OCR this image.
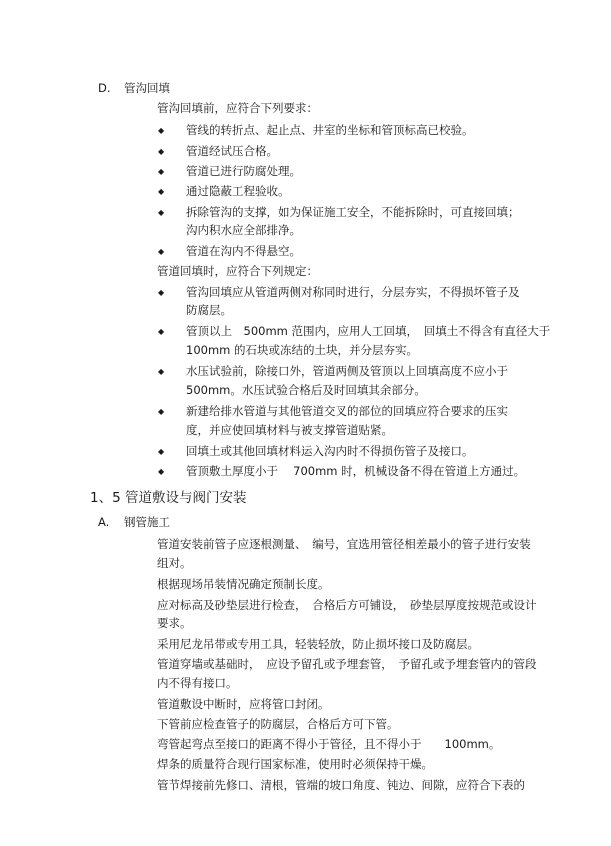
D. 管沟回填
管沟回填前，应符合下列要求：
◆ 管线的转折点、起止点、井室的坐标和管顶标高已校验。
◆ 管道经试压合格。
◆ 管道已进行防腐处理。
◆ 通过隐蔽工程验收。
◆ 拆除管沟的支撑，如为保证施工安全，不能拆除时，可直接回填；
沟内积水应全部排净。
◆ 管道在沟内不得悬空。
管道回填时，应符合下列规定：
◆ 管沟回填应从管道两侧对称同时进行，分层夯实，不得损坏管子及
防腐层。
◆ 管顶以上　500mm 范围内，应用人工回填，　回填土不得含有直径大于
100mm 的石块或冻结的土块，并分层夯实。
◆ 水压试验前，除接口外，管道两侧及管顶以上回填高度不应小于
500mm。水压试验合格后及时回填其余部分。
◆ 新建给排水管道与其他管道交叉的部位的回填应符合要求的压实
度，并应使回填材料与被支撑管道贴紧。
◆ 回填土或其他回填材料运入沟内时不得损伤管子及接口。
◆ 管顶敷土厚度小于　 700mm 时，机械设备不得在管道上方通过。
1、5 管道敷设与阀门安装
A. 钢管施工
管道安装前管子应逐根测量、　编号，宜选用管径相差最小的管子进行安装
组对。
根据现场吊装情况确定预制长度。
应对标高及砂垫层进行检查，　合格后方可铺设，　砂垫层厚度按规范或设计
要求。
采用尼龙吊带或专用工具，轻装轻放，防止损坏接口及防腐层。
管道穿墙或基础时，　应设予留孔或予埋套管，　予留孔或予埋套管内的管段
内不得有接口。
管道敷设中断时，应将管口封闭。
下管前应检查管子的防腐层，合格后方可下管。
弯管起弯点至接口的距离不得小于管径，且不得小于　　100mm。
焊条的质量符合现行国家标准，使用时必须保持干燥。
管节焊接前先修口、清根，管端的坡口角度、钝边、间隙，应符合下表的
